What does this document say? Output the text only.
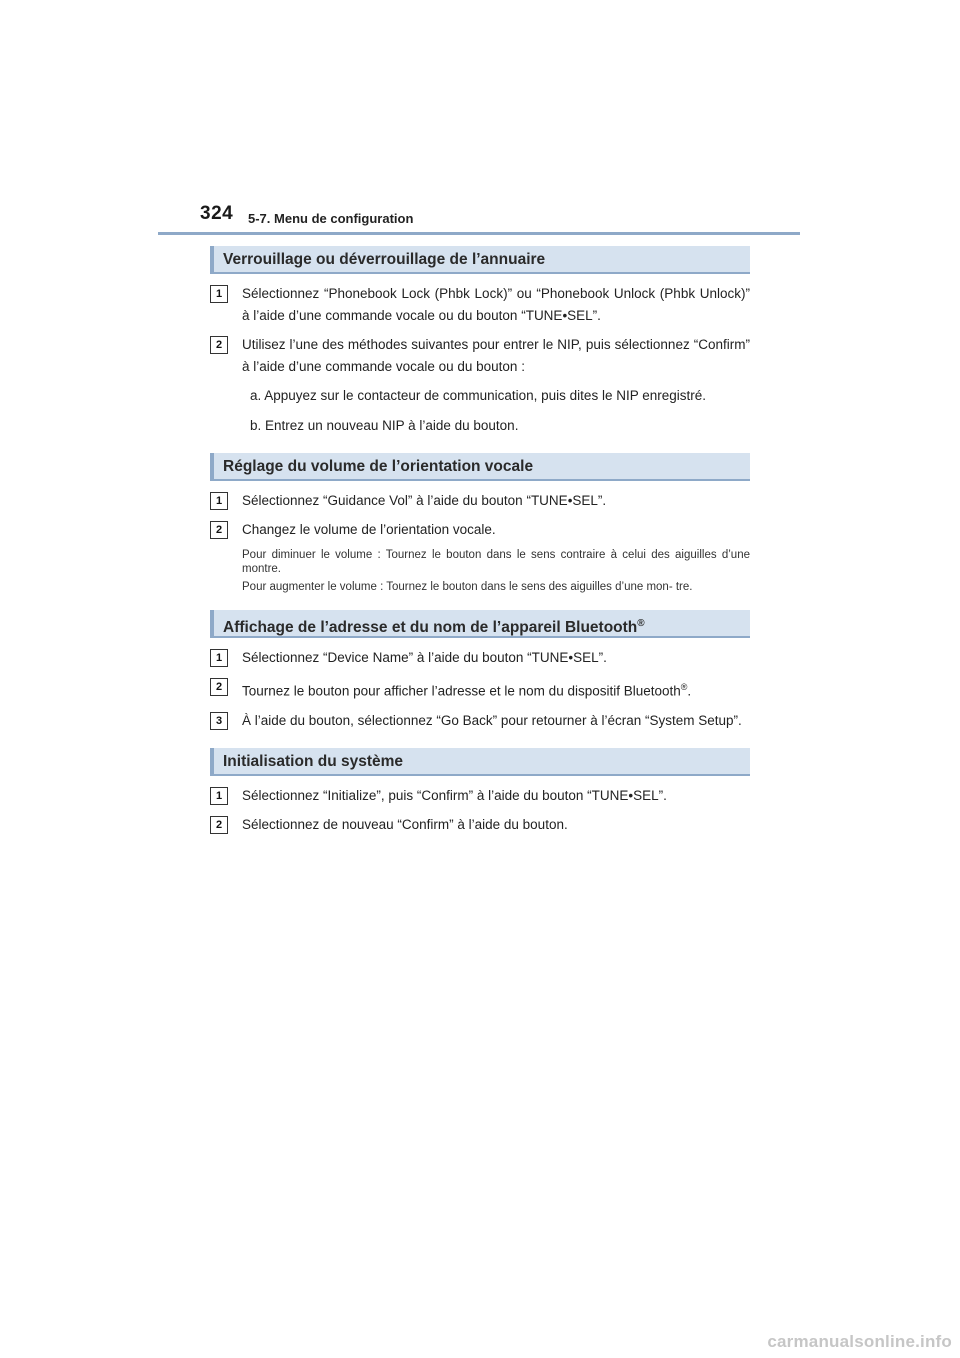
324 5-7. Menu de configuration
Verrouillage ou déverrouillage de l’annuaire
1	Sélectionnez “Phonebook Lock (Phbk Lock)” ou “Phonebook Unlock (Phbk Unlock)” à l’aide d’une commande vocale ou du bouton “TUNE•SEL”.
2	Utilisez l’une des méthodes suivantes pour entrer le NIP, puis sélectionnez “Confirm” à l’aide d’une commande vocale ou du bouton :
a. Appuyez sur le contacteur de communication, puis dites le NIP enregistré.
b. Entrez un nouveau NIP à l’aide du bouton.
Réglage du volume de l’orientation vocale
1	Sélectionnez “Guidance Vol” à l’aide du bouton “TUNE•SEL”.
2	Changez le volume de l’orientation vocale.
Pour diminuer le volume : Tournez le bouton dans le sens contraire à celui des aiguilles d’une montre.
Pour augmenter le volume : Tournez le bouton dans le sens des aiguilles d’une mon- tre.
Affichage de l’adresse et du nom de l’appareil Bluetooth®
1	Sélectionnez “Device Name” à l’aide du bouton “TUNE•SEL”.
2	Tournez le bouton pour afficher l’adresse et le nom du dispositif Bluetooth®.
3	À l’aide du bouton, sélectionnez “Go Back” pour retourner à l’écran “System Setup”.
Initialisation du système
1	Sélectionnez “Initialize”, puis “Confirm” à l’aide du bouton “TUNE•SEL”.
2	Sélectionnez de nouveau “Confirm” à l’aide du bouton.
carmanualsonline.info
